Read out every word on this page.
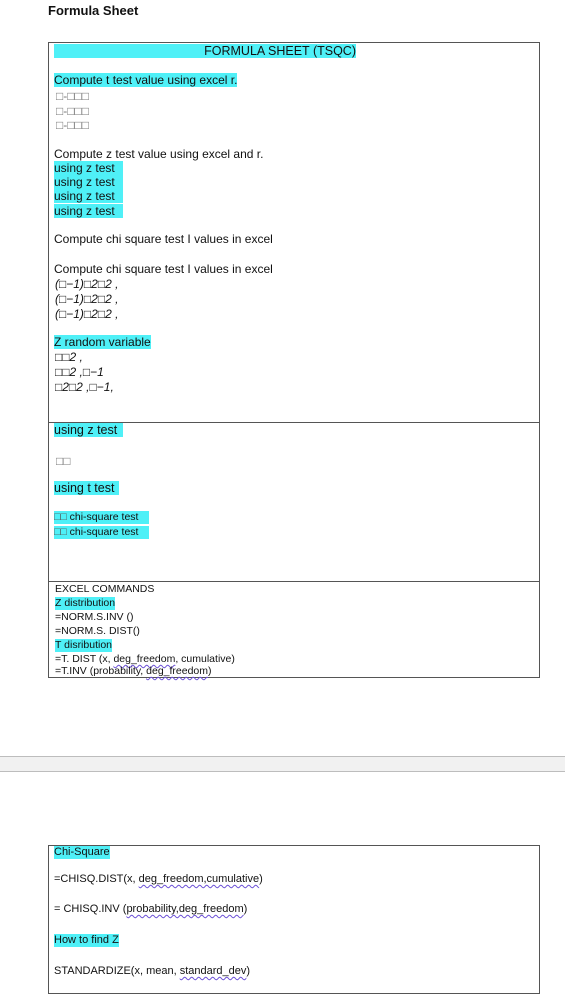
Formula Sheet
FORMULA SHEET (TSQC)
Compute t test value using excel r.
□-□□□
□-□□□
□-□□□
Compute z test value using excel and r.
using z test
using z test
using z test
using z test
Compute chi square test I values in excel
Compute chi square test I values in excel
(□−1)□2□2 ,
(□−1)□2□2 ,
(□−1)□2□2 ,
Z random variable
□□2 ,
□□2 ,□−1
□2□2 ,□−1,
using z test
□□
using t test
□□ chi-square test
□□ chi-square test
EXCEL COMMANDS
Z distribution
=NORM.S.INV ()
=NORM.S. DIST()
T disribution
=T. DIST (x, deg_freedom, cumulative)
=T.INV (probability, deg_freedom)
Chi-Square
=CHISQ.DIST(x, deg_freedom,cumulative)
= CHISQ.INV (probability,deg_freedom)
How to find Z
STANDARDIZE(x, mean, standard_dev)
